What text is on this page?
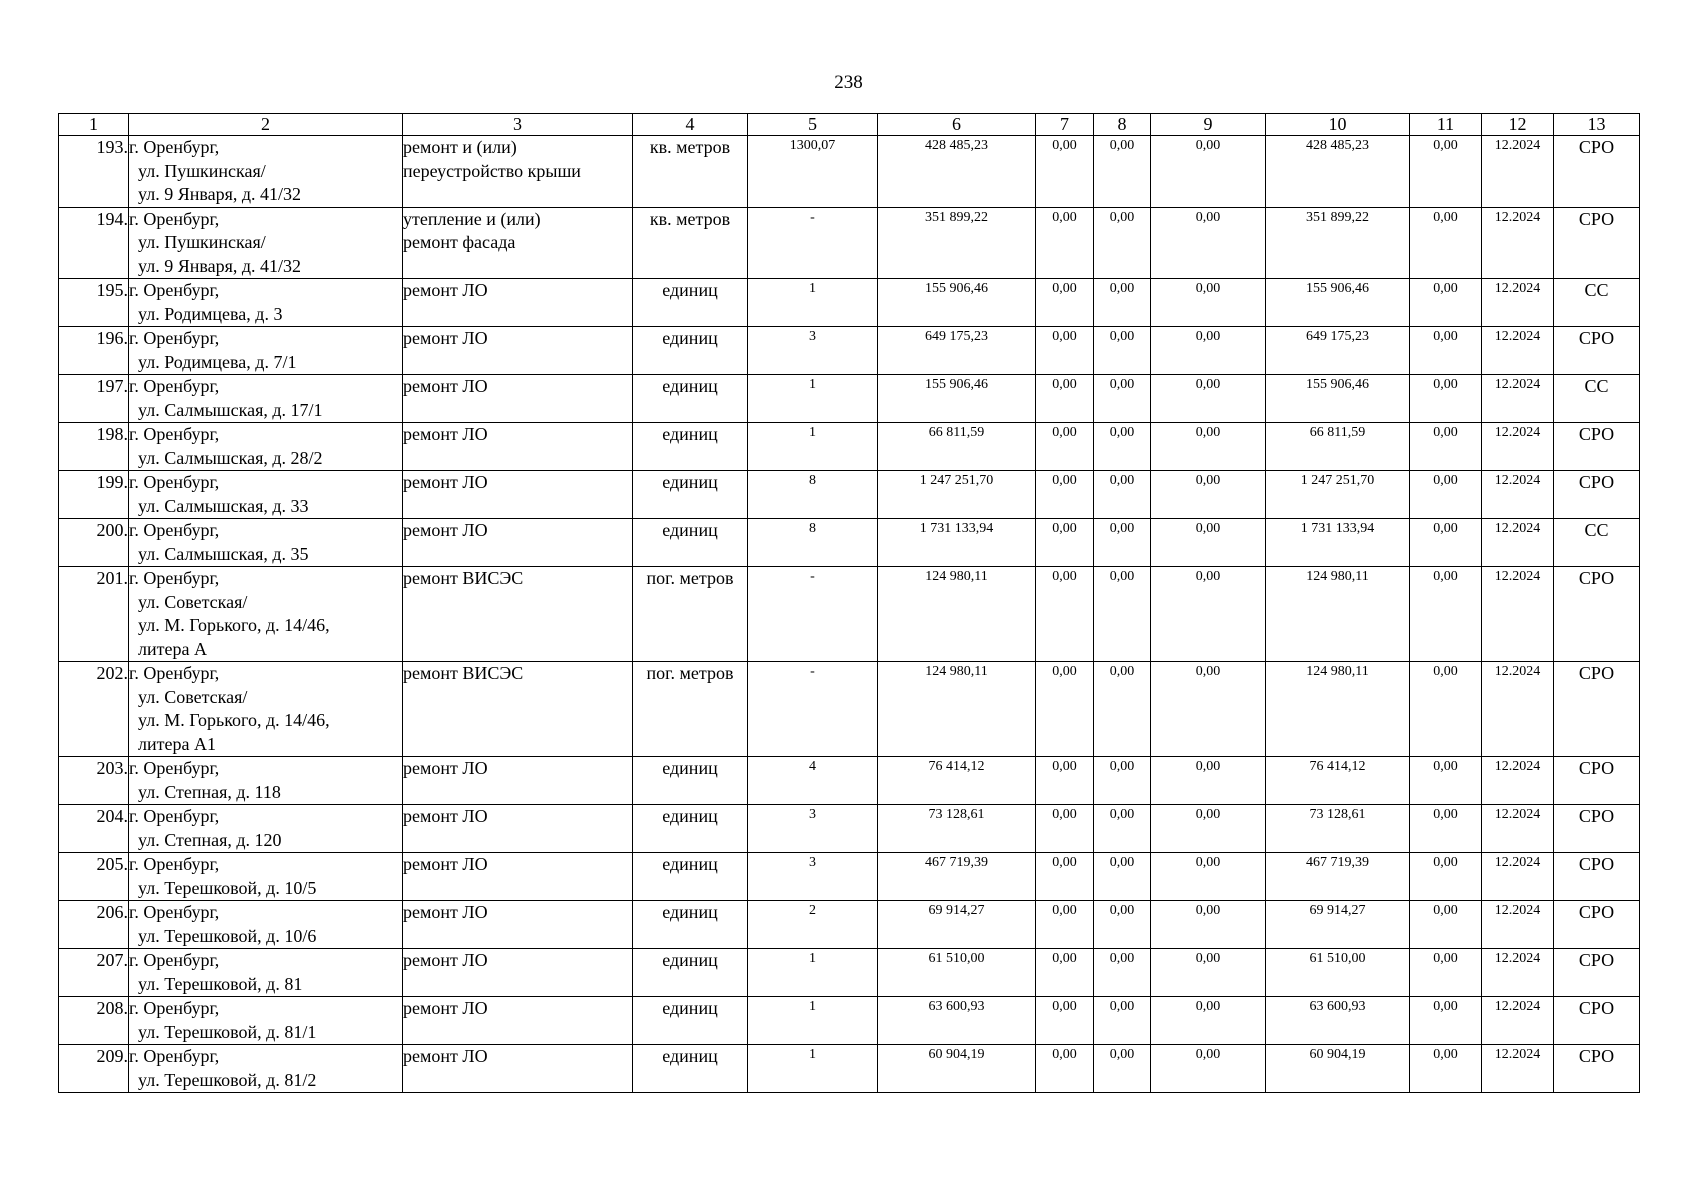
238
1	2	3	4	5	6	7	8	9	10	11	12	13
193.	г. Оренбург,
ул. Пушкинская/
ул. 9 Января, д. 41/32	ремонт и (или)
переустройство крыши	кв. метров	1300,07	428 485,23	0,00	0,00	0,00	428 485,23	0,00	12.2024	СРО
194.	г. Оренбург,
ул. Пушкинская/
ул. 9 Января, д. 41/32	утепление и (или)
ремонт фасада	кв. метров	-	351 899,22	0,00	0,00	0,00	351 899,22	0,00	12.2024	СРО
195.	г. Оренбург,
ул. Родимцева, д. 3	ремонт ЛО	единиц	1	155 906,46	0,00	0,00	0,00	155 906,46	0,00	12.2024	СС
196.	г. Оренбург,
ул. Родимцева, д. 7/1	ремонт ЛО	единиц	3	649 175,23	0,00	0,00	0,00	649 175,23	0,00	12.2024	СРО
197.	г. Оренбург,
ул. Салмышская, д. 17/1	ремонт ЛО	единиц	1	155 906,46	0,00	0,00	0,00	155 906,46	0,00	12.2024	СС
198.	г. Оренбург,
ул. Салмышская, д. 28/2	ремонт ЛО	единиц	1	66 811,59	0,00	0,00	0,00	66 811,59	0,00	12.2024	СРО
199.	г. Оренбург,
ул. Салмышская, д. 33	ремонт ЛО	единиц	8	1 247 251,70	0,00	0,00	0,00	1 247 251,70	0,00	12.2024	СРО
200.	г. Оренбург,
ул. Салмышская, д. 35	ремонт ЛО	единиц	8	1 731 133,94	0,00	0,00	0,00	1 731 133,94	0,00	12.2024	СС
201.	г. Оренбург,
ул. Советская/
ул. М. Горького, д. 14/46,
литера А	ремонт ВИСЭС	пог. метров	-	124 980,11	0,00	0,00	0,00	124 980,11	0,00	12.2024	СРО
202.	г. Оренбург,
ул. Советская/
ул. М. Горького, д. 14/46,
литера А1	ремонт ВИСЭС	пог. метров	-	124 980,11	0,00	0,00	0,00	124 980,11	0,00	12.2024	СРО
203.	г. Оренбург,
ул. Степная, д. 118	ремонт ЛО	единиц	4	76 414,12	0,00	0,00	0,00	76 414,12	0,00	12.2024	СРО
204.	г. Оренбург,
ул. Степная, д. 120	ремонт ЛО	единиц	3	73 128,61	0,00	0,00	0,00	73 128,61	0,00	12.2024	СРО
205.	г. Оренбург,
ул. Терешковой, д. 10/5	ремонт ЛО	единиц	3	467 719,39	0,00	0,00	0,00	467 719,39	0,00	12.2024	СРО
206.	г. Оренбург,
ул. Терешковой, д. 10/6	ремонт ЛО	единиц	2	69 914,27	0,00	0,00	0,00	69 914,27	0,00	12.2024	СРО
207.	г. Оренбург,
ул. Терешковой, д. 81	ремонт ЛО	единиц	1	61 510,00	0,00	0,00	0,00	61 510,00	0,00	12.2024	СРО
208.	г. Оренбург,
ул. Терешковой, д. 81/1	ремонт ЛО	единиц	1	63 600,93	0,00	0,00	0,00	63 600,93	0,00	12.2024	СРО
209.	г. Оренбург,
ул. Терешковой, д. 81/2	ремонт ЛО	единиц	1	60 904,19	0,00	0,00	0,00	60 904,19	0,00	12.2024	СРО
